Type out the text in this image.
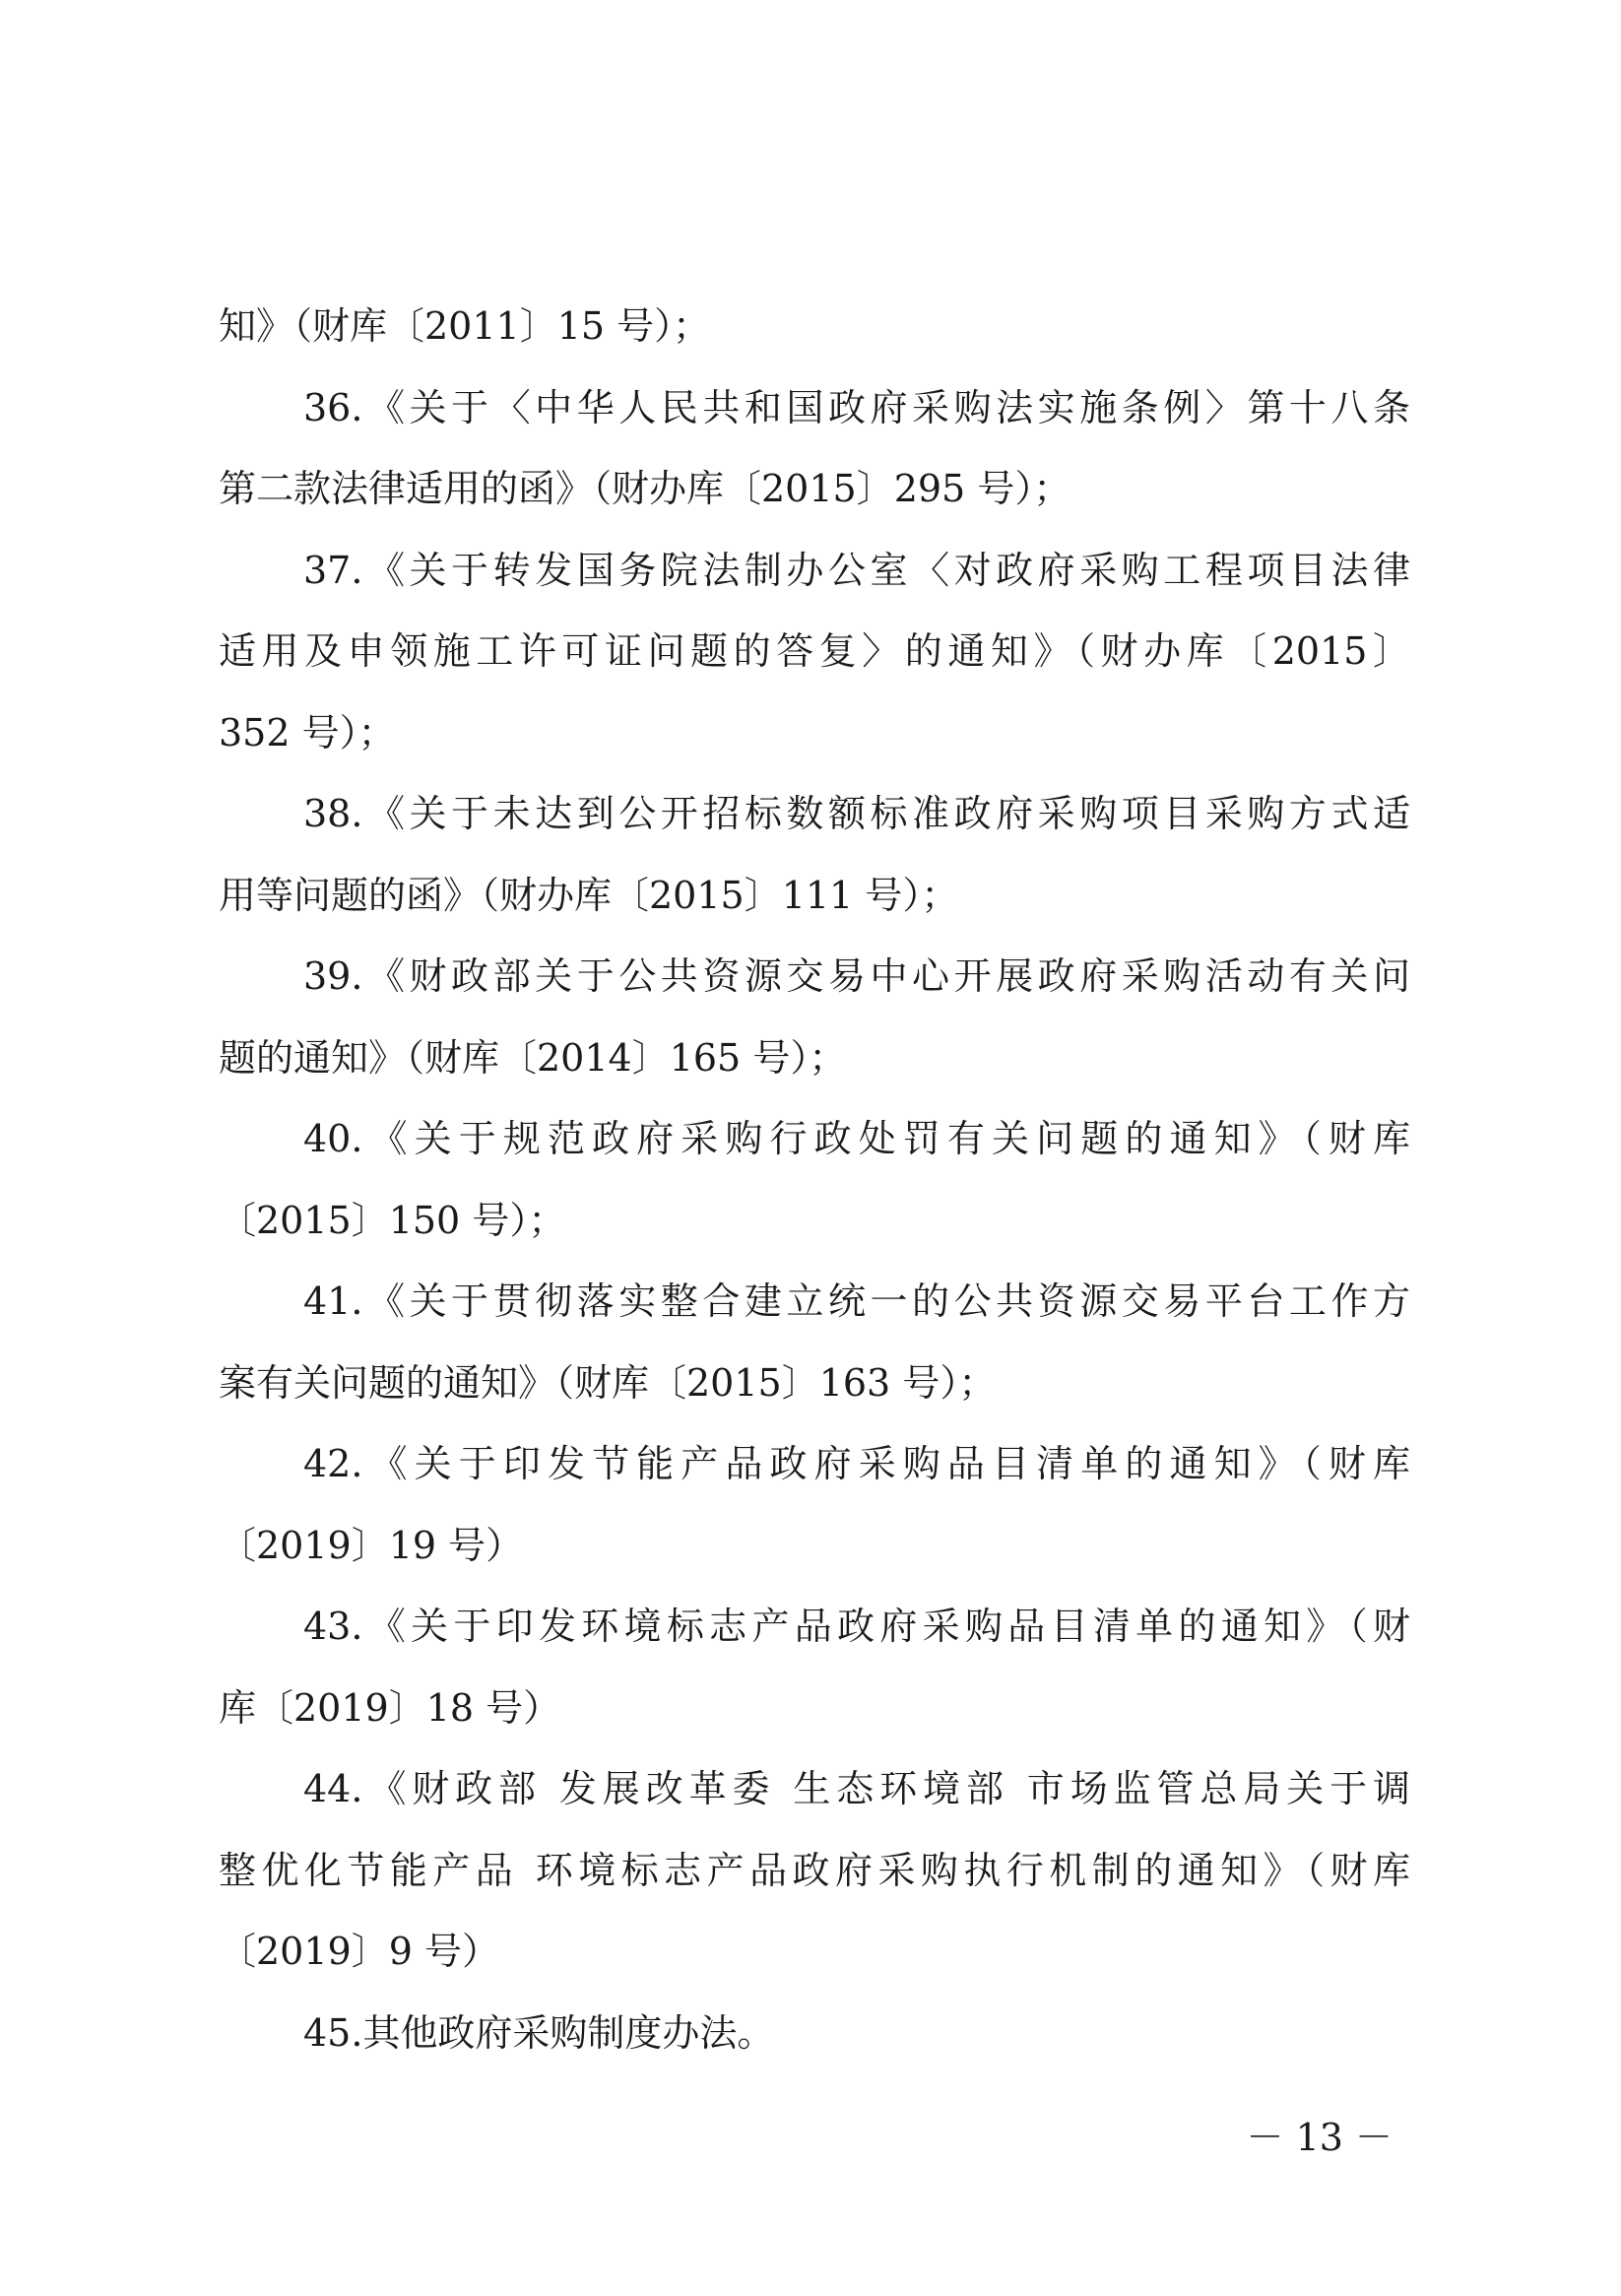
知》（财库〔2011〕15 号）；
36.《关于〈中华人民共和国政府采购法实施条例〉第十八条
第二款法律适用的函》（财办库〔2015〕295 号）；
37.《关于转发国务院法制办公室〈对政府采购工程项目法律
适用及申领施工许可证问题的答复〉的通知》（财办库〔2015〕
352 号）；
38.《关于未达到公开招标数额标准政府采购项目采购方式适
用等问题的函》（财办库〔2015〕111 号）；
39.《财政部关于公共资源交易中心开展政府采购活动有关问
题的通知》（财库〔2014〕165 号）；
40.《关于规范政府采购行政处罚有关问题的通知》（财库
〔2015〕150 号）；
41.《关于贯彻落实整合建立统一的公共资源交易平台工作方
案有关问题的通知》（财库〔2015〕163 号）；
42.《关于印发节能产品政府采购品目清单的通知》（财库
〔2019〕19 号）
43.《关于印发环境标志产品政府采购品目清单的通知》（财
库〔2019〕18 号）
44.《财政部 发展改革委 生态环境部 市场监管总局关于调
整优化节能产品 环境标志产品政府采购执行机制的通知》（财库
〔2019〕9 号）
45.其他政府采购制度办法。
－ 13 －
